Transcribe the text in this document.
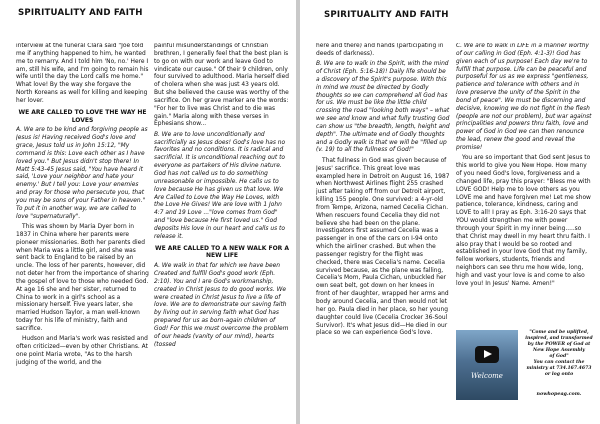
SPIRITUALITY AND FAITH

interview at the funeral Clara said "Joe told me if anything happened to him, he wanted me to remarry. And I told him 'No, no.' Here I am, still his wife, and I'm going to remain his wife until the day the Lord calls me home." What love! By the way she forgave the North Koreans as well for killing and keeping her lover.

WE ARE CALLED TO LOVE THE WAY HE LOVES

A. We are to be kind and forgiving people as Jesus is! Having received God's love and grace, Jesus told us in John 15:12, "My command is this: Love each other as I have loved you." But Jesus didn't stop there! In Matt 5:43-45 Jesus said, "You have heard it said, 'Love your neighbor and hate your enemy.' But I tell you: Love your enemies and pray for those who persecute you, that you may be sons of your Father in heaven." To put it in another way, we are called to love "supernaturally".

This was shown by Maria Dyer born in 1837 in China where her parents were pioneer missionaries. Both her parents died when Maria was a little girl, and she was sent back to England to be raised by an uncle. The loss of her parents, however, did not deter her from the importance of sharing the gospel of love to those who needed God. At age 16 she and her sister, returned to China to work in a girl's school as a missionary herself. Five years later, she married Hudson Taylor, a man well-known today for his life of ministry, faith and sacrifice.

Hudson and Maria's work was resisted and often criticized—even by other Christians. At one point Maria wrote, "As to the harsh judging of the world, and the

painful misunderstandings of Christian brethren, I generally feel that the best plan is to go on with our work and leave God to vindicate our cause." Of their 9 children, only four survived to adulthood. Maria herself died of cholera when she was just 43 years old. But she believed the cause was worthy of the sacrifice. On her grave marker are the words: "For her to live was Christ and to die was gain." Maria along with these verses in Ephesians show...

B. We are to love unconditionally and sacrificially as Jesus does! God's love has no favorites and no conditions. It is radical and sacrificial. It is unconditional reaching out to everyone as partakers of His divine nature. God has not called us to do something unreasonable or impossible. He calls us to love because He has given us that love. We Are Called to Love the Way He Loves, with the Love He Gives! We are love with 1 John 4:7 and 19 Love ..."love comes from God" and "love because He first loved us." God deposits His love in our heart and calls us to release it.

WE ARE CALLED TO A NEW WALK FOR A NEW LIFE

A. We walk in that for which we have been Created and fulfill God's good work (Eph. 2:10). You and I are God's workmanship, created in Christ Jesus to do good works. We were created in Christ Jesus to live a life of love. We are to demonstrate our saving faith by living out in serving faith what God has prepared for us as born-again children of God! For this we must overcome the problem of our heads (vanity of our mind), hearts (tossed

SPIRITUALITY AND FAITH

here and there) and hands (participating in deeds of darkness).

B. We are to walk in the Spirit, with the mind of Christ (Eph. 5:16-18)! Daily life should be a discovery of the Spirit's purpose. With this in mind we must be directed by Godly thoughts so we can comprehend all God has for us. We must be like the little child crossing the road "looking both ways" – what we see and know and what fully trusting God can show us "the breadth, length, height and depth". The ultimate end of Godly thoughts and a Godly walk is that we will be "filled up (v. 19) to all the fullness of God!"

That fullness in God was given because of Jesus' sacrifice. This great love was exampled here in Detroit on August 16, 1987 when Northwest Airlines flight 255 crashed just after taking off from our Detroit airport, killing 155 people. One survived: a 4-yr-old from Tempe, Arizona, named Cecelia Cichan. When rescuers found Cecelia they did not believe she had been on the plane. Investigators first assumed Cecelia was a passenger in one of the cars on I-94 onto which the airliner crashed. But when the passenger registry for the flight was checked, there was Cecelia's name. Cecelia survived because, as the plane was falling, Cecelia's Mom, Paula Cichan, unbuckled her own seat belt, got down on her knees in front of her daughter, wrapped her arms and body around Cecelia, and then would not let her go. Paula died in her place, so her young daughter could live (Cecelia Crocker 36-Soul Survivor). It's what Jesus did—He died in our place so we can experience God's love.

C. We are to walk in LIFE in a manner worthy of our calling in God (Eph. 4:1-3)! God has given each of us purpose! Each day we're to fulfill that purpose. Life can be peaceful and purposeful for us as we express "gentleness, patience and tolerance with others and in love preserve the unity of the Spirit in the bond of peace". We must be discerning and decisive, knowing we do not fight in the flesh (people are not our problem), but war against principalities and powers thru faith, love and power of God in God we can then renounce the lead, renew the good and reveal the promise!

You are so important that God sent Jesus to this world to give you New Hope. How many of you need God's love, forgiveness and a changed life, pray this prayer: "Bless me with LOVE GOD! Help me to love others as you LOVE me and have forgiven me! Let me show patience, tolerance, kindness, caring and LOVE to all! I pray as Eph. 3:16-20 says that YOU would strengthen me with power through your Spirit in my inner being.....so that Christ may dwell in my heart thru faith. I also pray that I would be so rooted and established in your love God that my family, fellow workers, students, friends and neighbors can see thru me how wide, long, high and vast your love is and come to also love you! In Jesus' Name. Amen!"

Welcome
"Come and be uplifted,
inspired, and transformed
by the POWER of God at
New Hope Assembly
of God"
You can contact the
ministry at 734.167.4673
or log onto
nowhopeag.com.
